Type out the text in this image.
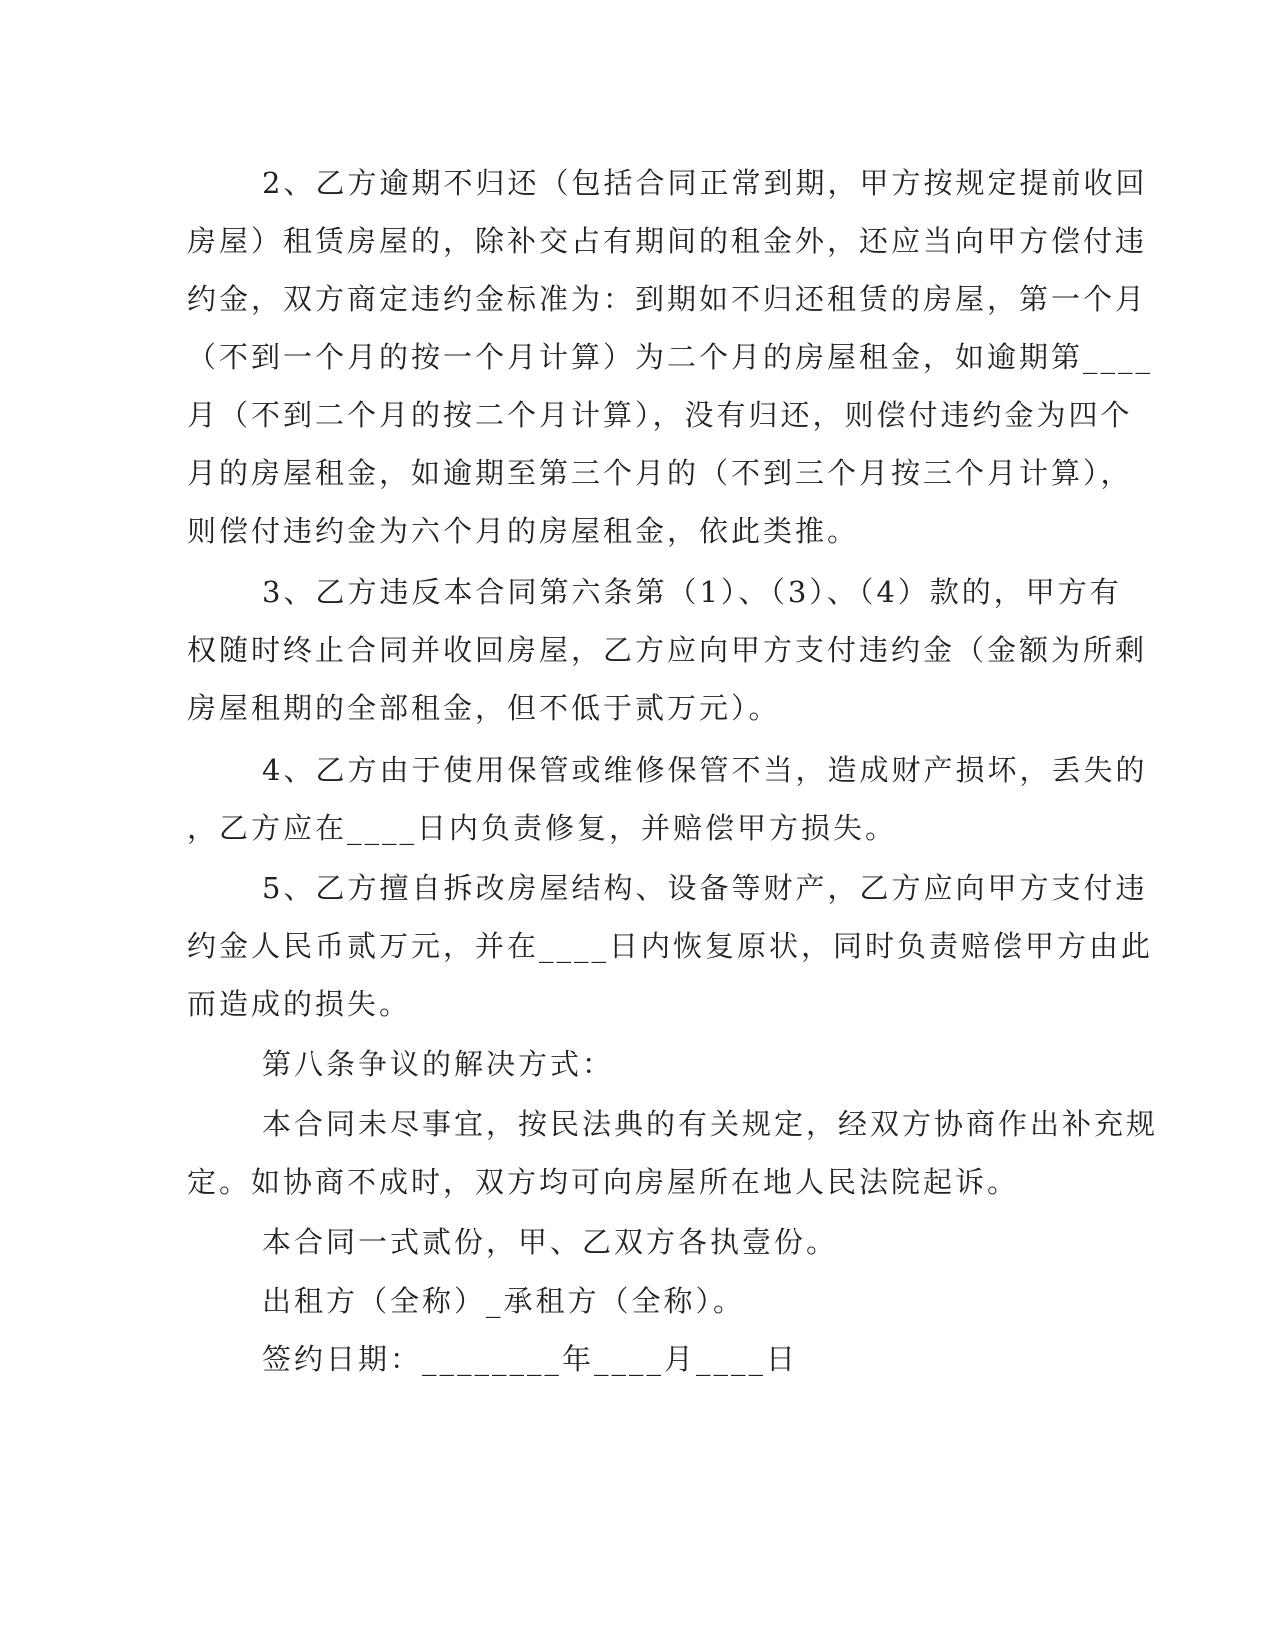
2、乙方逾期不归还（包括合同正常到期，甲方按规定提前收回
房屋）租赁房屋的，除补交占有期间的租金外，还应当向甲方偿付违
约金，双方商定违约金标准为：到期如不归还租赁的房屋，第一个月
（不到一个月的按一个月计算）为二个月的房屋租金，如逾期第____
月（不到二个月的按二个月计算），没有归还，则偿付违约金为四个
月的房屋租金，如逾期至第三个月的（不到三个月按三个月计算），
则偿付违约金为六个月的房屋租金，依此类推。
3、乙方违反本合同第六条第（1）、（3）、（4）款的，甲方有
权随时终止合同并收回房屋，乙方应向甲方支付违约金（金额为所剩
房屋租期的全部租金，但不低于贰万元）。
4、乙方由于使用保管或维修保管不当，造成财产损坏，丢失的
，乙方应在____日内负责修复，并赔偿甲方损失。
5、乙方擅自拆改房屋结构、设备等财产，乙方应向甲方支付违
约金人民币贰万元，并在____日内恢复原状，同时负责赔偿甲方由此
而造成的损失。
第八条争议的解决方式：
本合同未尽事宜，按民法典的有关规定，经双方协商作出补充规
定。如协商不成时，双方均可向房屋所在地人民法院起诉。
本合同一式贰份，甲、乙双方各执壹份。
出租方（全称）_承租方（全称）。
签约日期：________年____月____日
